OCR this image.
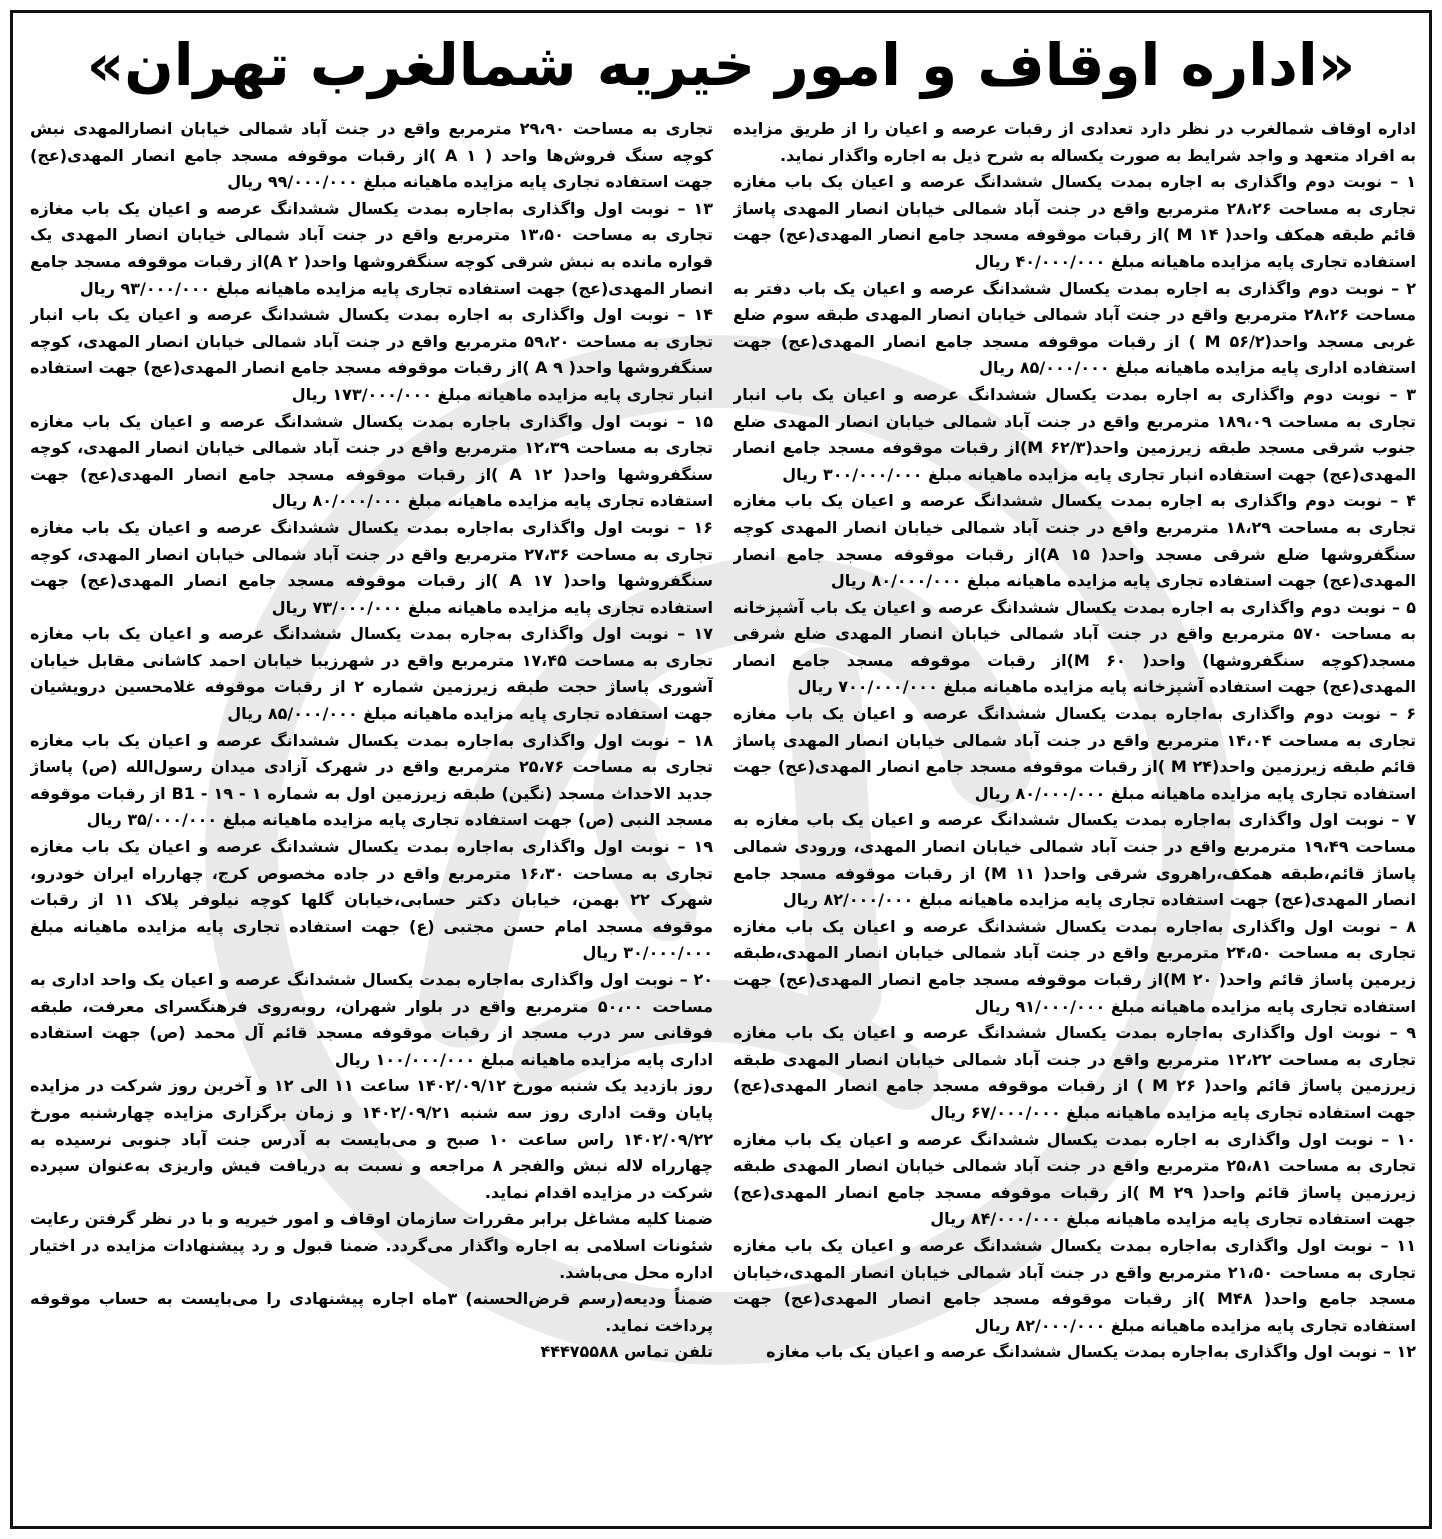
«اداره اوقاف و امور خیریه شمالغرب تهران»

اداره اوقاف شمالغرب در نظر دارد تعدادی از رقبات عرصه و اعیان را از طریق مزایده به افراد متعهد و واجد شرایط به صورت یکساله به شرح ذیل به اجاره واگذار نماید.

۱ – نوبت دوم واگذاری به اجاره بمدت یکسال ششدانگ عرصه و اعیان یک باب مغازه تجاری به مساحت ۲۸،۲۶ مترمربع واقع در جنت آباد شمالی خیابان انصار المهدی پاساژ قائم طبقه همکف واحد( M ۱۴ )از رقبات موقوفه مسجد جامع انصار المهدی(عج) جهت استفاده تجاری پایه مزایده ماهیانه مبلغ ۴۰/۰۰۰/۰۰۰ ریال

۲ – نوبت دوم واگذاری به اجاره بمدت یکسال ششدانگ عرصه و اعیان یک باب دفتر به مساحت ۲۸،۲۶ مترمربع واقع در جنت آباد شمالی خیابان انصار المهدی طبقه سوم ضلع غربی مسجد واحد(M ۵۶/۲ ) از رقبات موقوفه مسجد جامع انصار المهدی(عج) جهت استفاده اداری پایه مزایده ماهیانه مبلغ ۸۵/۰۰۰/۰۰۰ ریال

۳ – نوبت دوم واگذاری به اجاره بمدت یکسال ششدانگ عرصه و اعیان یک باب انبار تجاری به مساحت ۱۸۹،۰۹ مترمربع واقع در جنت آباد شمالی خیابان انصار المهدی ضلع جنوب شرقی مسجد طبقه زیرزمین واحد(M ۶۲/۳)از رقبات موقوفه مسجد جامع انصار المهدی(عج) جهت استفاده انبار تجاری پایه مزایده ماهیانه مبلغ ۳۰۰/۰۰۰/۰۰۰ ریال

۴ – نوبت دوم واگذاری به اجاره بمدت یکسال ششدانگ عرصه و اعیان یک باب مغازه تجاری به مساحت ۱۸،۲۹ مترمربع واقع در جنت آباد شمالی خیابان انصار المهدی کوچه سنگفروشها ضلع شرقی مسجد واحد( A ۱۵)از رقبات موقوفه مسجد جامع انصار المهدی(عج) جهت استفاده تجاری پایه مزایده ماهیانه مبلغ ۸۰/۰۰۰/۰۰۰ ریال

۵ – نوبت دوم واگذاری به اجاره بمدت یکسال ششدانگ عرصه و اعیان یک باب آشپزخانه به مساحت ۵۷۰ مترمربع واقع در جنت آباد شمالی خیابان انصار المهدی ضلع شرقی مسجد(کوچه سنگفروشها) واحد( M ۶۰)از رقبات موقوفه مسجد جامع انصار المهدی(عج) جهت استفاده آشپزخانه پایه مزایده ماهیانه مبلغ ۷۰۰/۰۰۰/۰۰۰ ریال

۶ – نوبت دوم واگذاری به‌اجاره بمدت یکسال ششدانگ عرصه و اعیان یک باب مغازه تجاری به مساحت ۱۴،۰۴ مترمربع واقع در جنت آباد شمالی خیابان انصار المهدی پاساژ قائم طبقه زیرزمین واحد(M ۲۴ )از رقبات موقوفه مسجد جامع انصار المهدی(عج) جهت استفاده تجاری پایه مزایده ماهیانه مبلغ ۸۰/۰۰۰/۰۰۰ ریال

۷ – نوبت اول واگذاری به‌اجاره بمدت یکسال ششدانگ عرصه و اعیان یک باب مغازه به مساحت ۱۹،۴۹ مترمربع واقع در جنت آباد شمالی خیابان انصار المهدی، ورودی شمالی پاساژ قائم،طبقه همکف،راهروی شرقی واحد( M ۱۱) از رقبات موقوفه مسجد جامع انصار المهدی(عج) جهت استفاده تجاری پایه مزایده ماهیانه مبلغ ۸۲/۰۰۰/۰۰۰ ریال

۸ – نوبت اول واگذاری به‌اجاره بمدت یکسال ششدانگ عرصه و اعیان یک باب مغازه تجاری به مساحت ۲۴،۵۰ مترمربع واقع در جنت آباد شمالی خیابان انصار المهدی،طبقه زیرمین پاساژ قائم واحد( M ۲۰)از رقبات موقوفه مسجد جامع انصار المهدی(عج) جهت استفاده تجاری پایه مزایده ماهیانه مبلغ ۹۱/۰۰۰/۰۰۰ ریال

۹ – نوبت اول واگذاری به‌اجاره بمدت یکسال ششدانگ عرصه و اعیان یک باب مغازه تجاری به مساحت ۱۲،۲۲ مترمربع واقع در جنت آباد شمالی خیابان انصار المهدی طبقه زیرزمین پاساژ قائم واحد( M ۲۶ ) از رقبات موقوفه مسجد جامع انصار المهدی(عج) جهت استفاده تجاری پایه مزایده ماهیانه مبلغ ۶۷/۰۰۰/۰۰۰ ریال

۱۰ – نوبت اول واگذاری به اجاره بمدت یکسال ششدانگ عرصه و اعیان یک باب مغازه تجاری به مساحت ۲۵،۸۱ مترمربع واقع در جنت آباد شمالی خیابان انصار المهدی طبقه زیرزمین پاساژ قائم واحد( M ۲۹ )از رقبات موقوفه مسجد جامع انصار المهدی(عج) جهت استفاده تجاری پایه مزایده ماهیانه مبلغ ۸۴/۰۰۰/۰۰۰ ریال

۱۱ – نوبت اول واگذاری به‌اجاره بمدت یکسال ششدانگ عرصه و اعیان یک باب مغازه تجاری به مساحت ۲۱،۵۰ مترمربع واقع در جنت آباد شمالی خیابان انصار المهدی،خیابان مسجد جامع واحد( M۴۸ )از رقبات موقوفه مسجد جامع انصار المهدی(عج) جهت استفاده تجاری پایه مزایده ماهیانه مبلغ ۸۲/۰۰۰/۰۰۰ ریال

۱۲ – نوبت اول واگذاری به‌اجاره بمدت یکسال ششدانگ عرصه و اعیان یک باب مغازه

تجاری به مساحت ۲۹،۹۰ مترمربع واقع در جنت آباد شمالی خیابان انصارالمهدی نبش کوچه سنگ فروش‌ها واحد ( A ۱ )از رقبات موقوفه مسجد جامع انصار المهدی(عج) جهت استفاده تجاری پایه مزایده ماهیانه مبلغ ۹۹/۰۰۰/۰۰۰ ریال

۱۳ – نوبت اول واگذاری به‌اجاره بمدت یکسال ششدانگ عرصه و اعیان یک باب مغازه تجاری به مساحت ۱۳،۵۰ مترمربع واقع در جنت آباد شمالی خیابان انصار المهدی یک قواره مانده به نبش شرقی کوچه سنگفروشها واحد( A ۲)از رقبات موقوفه مسجد جامع انصار المهدی(عج) جهت استفاده تجاری پایه مزایده ماهیانه مبلغ ۹۳/۰۰۰/۰۰۰ ریال

۱۴ – نوبت اول واگذاری به اجاره بمدت یکسال ششدانگ عرصه و اعیان یک باب انبار تجاری به مساحت ۵۹،۲۰ مترمربع واقع در جنت آباد شمالی خیابان انصار المهدی، کوچه سنگفروشها واحد( A ۹ )از رقبات موقوفه مسجد جامع انصار المهدی(عج) جهت استفاده انبار تجاری پایه مزایده ماهیانه مبلغ ۱۷۳/۰۰۰/۰۰۰ ریال

۱۵ – نوبت اول واگذاری باجاره بمدت یکسال ششدانگ عرصه و اعیان یک باب مغازه تجاری به مساحت ۱۲،۳۹ مترمربع واقع در جنت آباد شمالی خیابان انصار المهدی، کوچه سنگفروشها واحد( A ۱۲ )از رقبات موقوفه مسجد جامع انصار المهدی(عج) جهت استفاده تجاری پایه مزایده ماهیانه مبلغ ۸۰/۰۰۰/۰۰۰ ریال

۱۶ – نوبت اول واگذاری به‌اجاره بمدت یکسال ششدانگ عرصه و اعیان یک باب مغازه تجاری به مساحت ۲۷،۳۶ مترمربع واقع در جنت آباد شمالی خیابان انصار المهدی، کوچه سنگفروشها واحد( A ۱۷ )از رقبات موقوفه مسجد جامع انصار المهدی(عج) جهت استفاده تجاری پایه مزایده ماهیانه مبلغ ۷۳/۰۰۰/۰۰۰ ریال

۱۷ – نوبت اول واگذاری به‌جاره بمدت یکسال ششدانگ عرصه و اعیان یک باب مغازه تجاری به مساحت ۱۷،۴۵ مترمربع واقع در شهرزیبا خیابان احمد کاشانی مقابل خیابان آشوری پاساژ حجت طبقه زیرزمین شماره ۲ از رقبات موقوفه غلامحسین درویشیان جهت استفاده تجاری پایه مزایده ماهیانه مبلغ ۸۵/۰۰۰/۰۰۰ ریال

۱۸ – نوبت اول واگذاری به‌اجاره بمدت یکسال ششدانگ عرصه و اعیان یک باب مغازه تجاری به مساحت ۲۵،۷۶ مترمربع واقع در شهرک آزادی میدان رسول‌الله (ص) پاساژ جدید الاحداث مسجد (نگین) طبقه زیرزمین اول به شماره B1 - ۱۹ - ۱ از رقبات موقوفه مسجد النبی (ص) جهت استفاده تجاری پایه مزایده ماهیانه مبلغ ۳۵/۰۰۰/۰۰۰ ریال

۱۹ – نوبت اول واگذاری به‌اجاره بمدت یکسال ششدانگ عرصه و اعیان یک باب مغازه تجاری به مساحت ۱۶،۳۰ مترمربع واقع در جاده مخصوص کرج، چهارراه ایران خودرو، شهرک ۲۲ بهمن، خیابان دکتر حسابی،خیابان گلها کوچه نیلوفر پلاک ۱۱ از رقبات موقوفه مسجد امام حسن مجتبی (ع) جهت استفاده تجاری پایه مزایده ماهیانه مبلغ ۳۰/۰۰۰/۰۰۰ ریال

۲۰ – نوبت اول واگذاری به‌اجاره بمدت یکسال ششدانگ عرصه و اعیان یک واحد اداری به مساحت ۵۰،۰۰ مترمربع واقع در بلوار شهران، روبه‌روی فرهنگسرای معرفت، طبقه فوقانی سر درب مسجد از رقبات موقوفه مسجد قائم آل محمد (ص) جهت استفاده اداری پایه مزایده ماهیانه مبلغ ۱۰۰/۰۰۰/۰۰۰ ریال

روز بازدید یک شنبه مورخ ۱۴۰۲/۰۹/۱۲ ساعت ۱۱ الی ۱۲ و آخرین روز شرکت در مزایده پایان وقت اداری روز سه شنبه ۱۴۰۲/۰۹/۲۱ و زمان برگزاری مزایده چهارشنبه مورخ ۱۴۰۲/۰۹/۲۲ راس ساعت ۱۰ صبح و می‌بایست به آدرس جنت آباد جنوبی نرسیده به چهارراه لاله نبش والفجر ۸ مراجعه و نسبت به دریافت فیش واریزی به‌عنوان سپرده شرکت در مزایده اقدام نماید.

ضمنا کلیه مشاغل برابر مقررات سازمان اوقاف و امور خیریه و با در نظر گرفتن رعایت شئونات اسلامی به اجاره واگذار می‌گردد. ضمنا قبول و رد پیشنهادات مزایده در اختیار اداره محل می‌باشد.

ضمناً ودیعه(رسم قرض‌الحسنه) ۳ماه اجاره پیشنهادی را می‌بایست به حساب موقوفه پرداخت نماید.

تلفن تماس ۴۴۴۷۵۵۸۸
